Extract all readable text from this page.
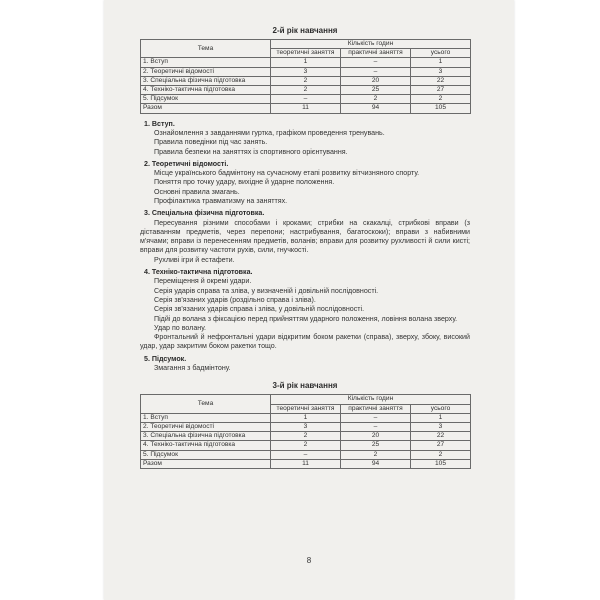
2-й рік навчання
Тема	Кількість годин		
	теоретичні заняття	практичні заняття	усього
1. Вступ	1	–	1
2. Теоретичні відомості	3	–	3
3. Спеціальна фізична підготовка	2	20	22
4. Техніко-тактична підготовка	2	25	27
5. Підсумок	–	2	2
Разом	11	94	105
1. Вступ.
Ознайомлення з завданнями гуртка, графіком проведення тренувань.
Правила поведінки під час занять.
Правила безпеки на заняттях із спортивного орієнтування.
2. Теоретичні відомості.
Місце українського бадмінтону на сучасному етапі розвитку вітчизняного спорту.
Поняття про точку удару, вихідне й ударне положення.
Основні правила змагань.
Профілактика травматизму на заняттях.
3. Спеціальна фізична підготовка.
Пересування різними способами і кроками; стрибки на скакалці, стрибкові вправи (з діставанням предметів, через перепони; настрибування, багатоскоки); вправи з набивними м'ячами; вправи із перенесенням предметів, воланів; вправи для розвитку рухливості й сили кисті; вправи для розвитку частоти рухів, сили, гнучкості.
Рухливі ігри й естафети.
4. Техніко-тактична підготовка.
Переміщення й окремі удари.
Серія ударів справа та зліва, у визначеній і довільній послідовності.
Серія зв'язаних ударів (роздільно справа і зліва).
Серія зв'язаних ударів справа і зліва, у довільній послідовності.
Підйі до волана з фіксацією перед прийняттям ударного положення, ловіння волана зверху.
Удар по волану.
Фронтальний й нефронтальні удари відкритим боком ракетки (справа), зверху, збоку, високий удар, удар закритим боком ракетки тощо.
5. Підсумок.
Змагання з бадмінтону.
3-й рік навчання
Тема	Кількість годин		
	теоретичні заняття	практичні заняття	усього
1. Вступ	1	–	1
2. Теоретичні відомості	3	–	3
3. Спеціальна фізична підготовка	2	20	22
4. Техніко-тактична підготовка	2	25	27
5. Підсумок	–	2	2
Разом	11	94	105
8
